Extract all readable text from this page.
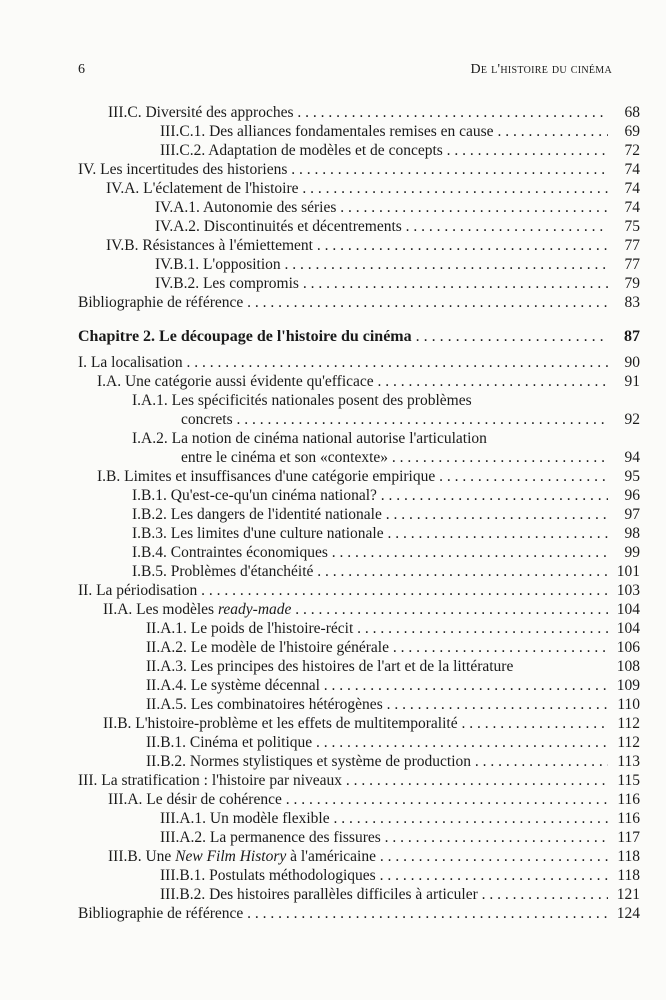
6	De l'histoire du cinéma
III.C. Diversité des approches . . .	68
III.C.1. Des alliances fondamentales remises en cause . . .	69
III.C.2. Adaptation de modèles et de concepts . . .	72
IV. Les incertitudes des historiens . . .	74
IV.A. L'éclatement de l'histoire . . .	74
IV.A.1. Autonomie des séries . . .	74
IV.A.2. Discontinuités et décentrements . . .	75
IV.B. Résistances à l'émiettement . . .	77
IV.B.1. L'opposition . . .	77
IV.B.2. Les compromis . . .	79
Bibliographie de référence . . .	83
Chapitre 2. Le découpage de l'histoire du cinéma . . .	87
I. La localisation . . .	90
I.A. Une catégorie aussi évidente qu'efficace . . .	91
I.A.1. Les spécificités nationales posent des problèmes
concrets . . .	92
I.A.2. La notion de cinéma national autorise l'articulation
entre le cinéma et son «contexte» . . .	94
I.B. Limites et insuffisances d'une catégorie empirique . . .	95
I.B.1. Qu'est-ce-qu'un cinéma national? . . .	96
I.B.2. Les dangers de l'identité nationale . . .	97
I.B.3. Les limites d'une culture nationale . . .	98
I.B.4. Contraintes économiques . . .	99
I.B.5. Problèmes d'étanchéité . . .	101
II. La périodisation . . .	103
II.A. Les modèles ready-made . . .	104
II.A.1. Le poids de l'histoire-récit . . .	104
II.A.2. Le modèle de l'histoire générale . . .	106
II.A.3. Les principes des histoires de l'art et de la littérature	108
II.A.4. Le système décennal . . .	109
II.A.5. Les combinatoires hétérogènes . . .	110
II.B. L'histoire-problème et les effets de multitemporalité . . .	112
II.B.1. Cinéma et politique . . .	112
II.B.2. Normes stylistiques et système de production . . .	113
III. La stratification : l'histoire par niveaux . . .	115
III.A. Le désir de cohérence . . .	116
III.A.1. Un modèle flexible . . .	116
III.A.2. La permanence des fissures . . .	117
III.B. Une New Film History à l'américaine . . .	118
III.B.1. Postulats méthodologiques . . .	118
III.B.2. Des histoires parallèles difficiles à articuler . . .	121
Bibliographie de référence . . .	124
